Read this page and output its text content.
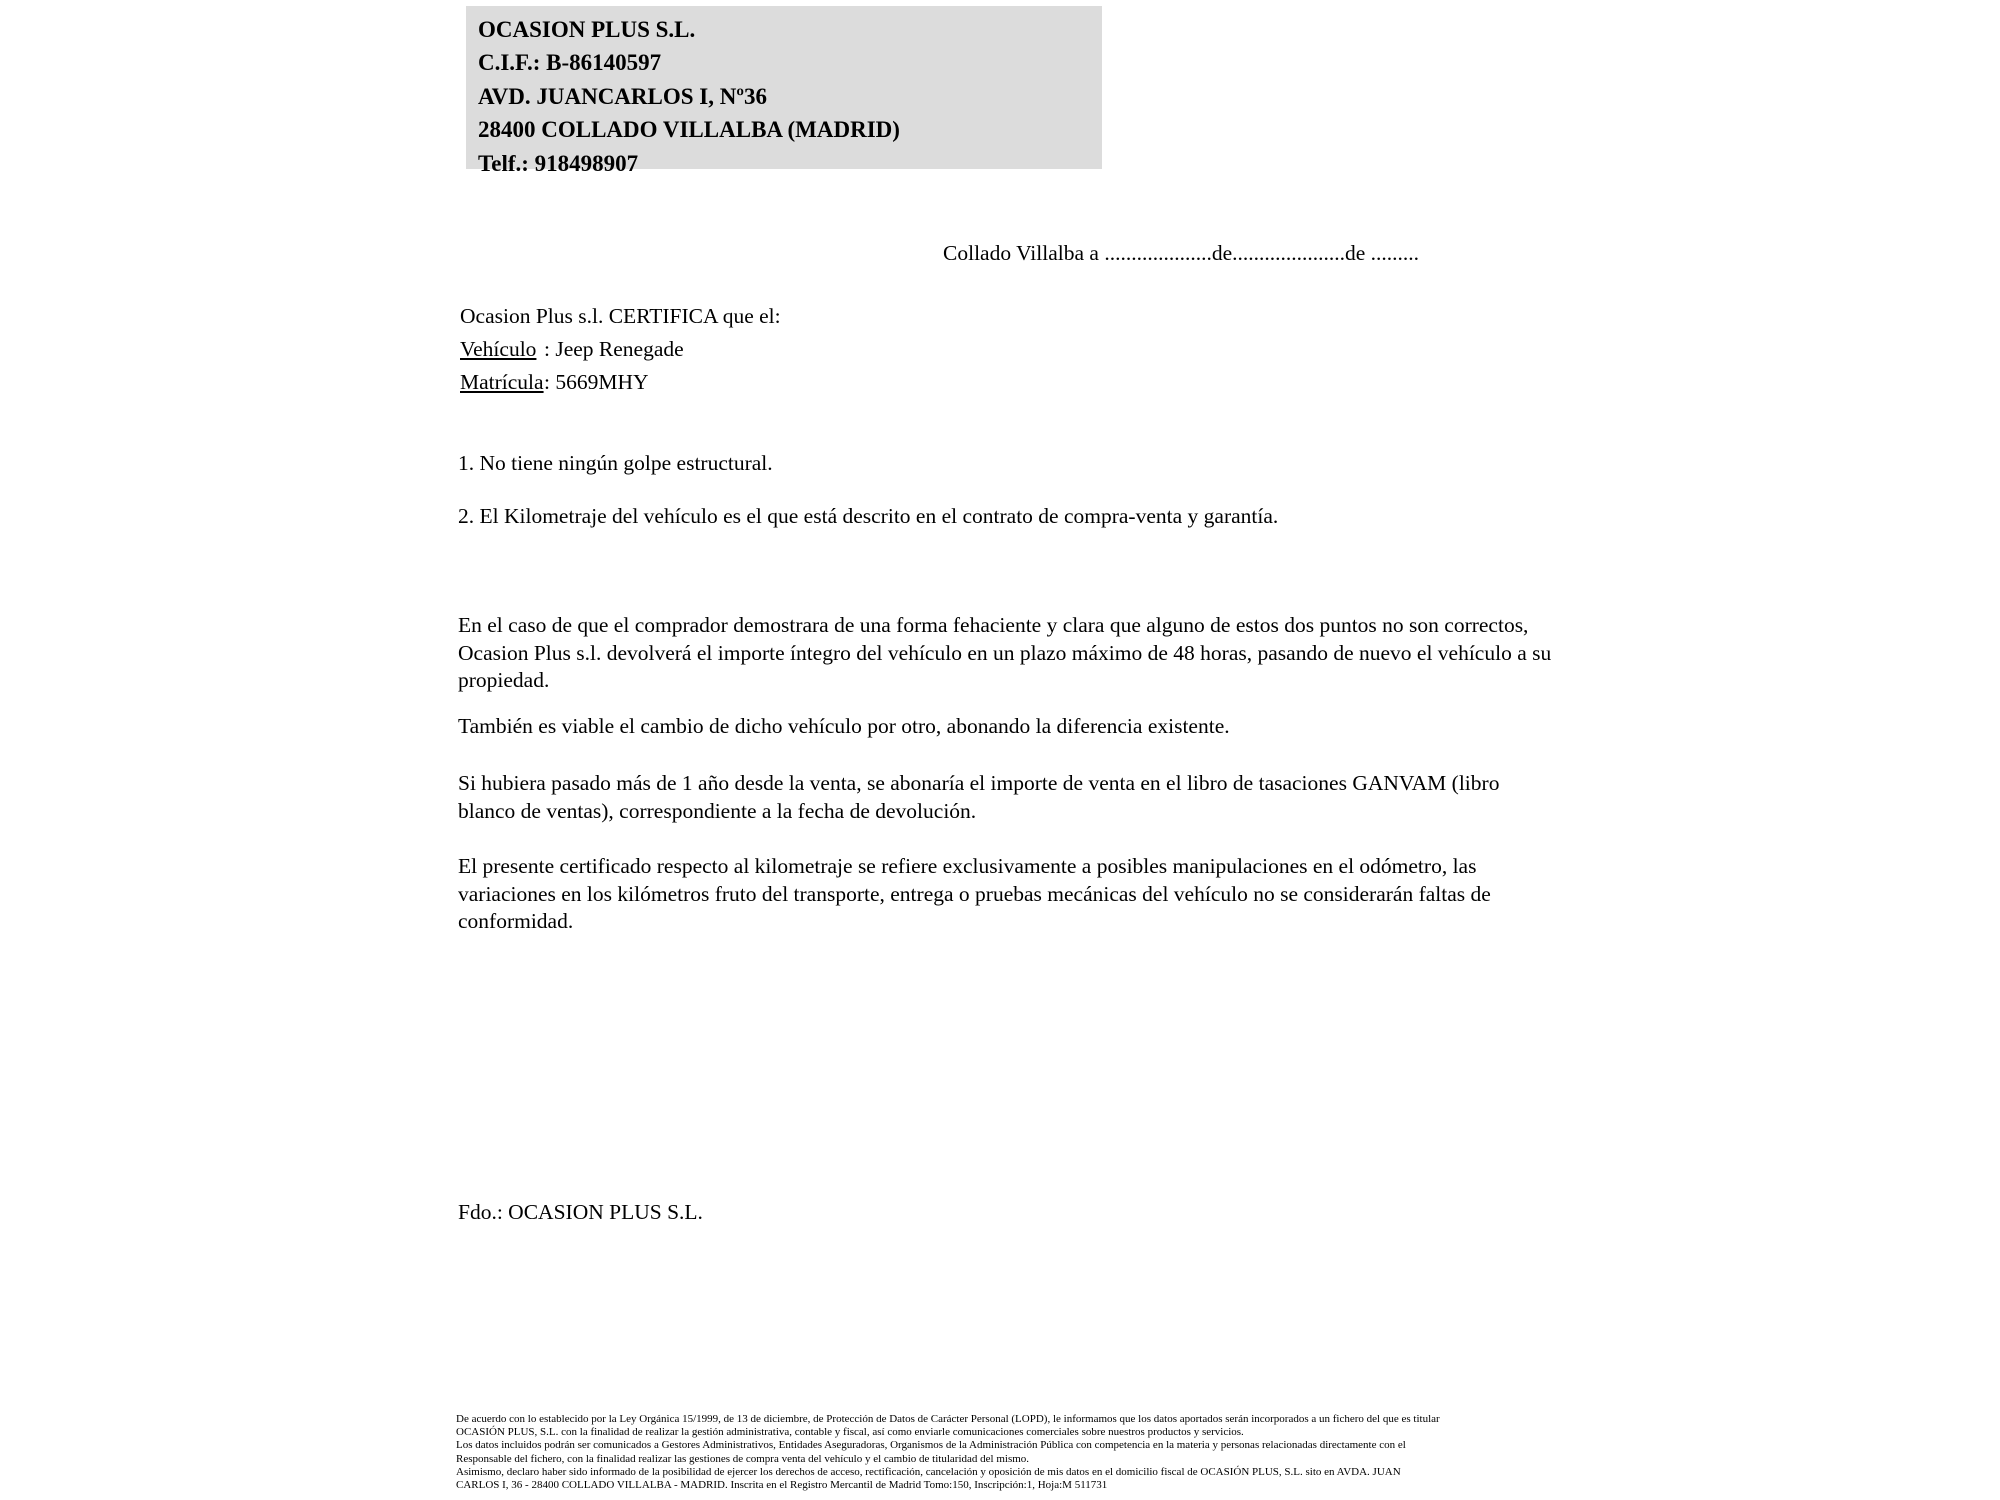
OCASION PLUS S.L.
C.I.F.: B-86140597
AVD. JUANCARLOS I, Nº36
28400 COLLADO VILLALBA (MADRID)
Telf.: 918498907
Collado Villalba a ....................de.....................de .........
Ocasion Plus s.l. CERTIFICA que el:
Vehículo : Jeep Renegade
Matrícula: 5669MHY
1. No tiene ningún golpe estructural.
2. El Kilometraje del vehículo es el que está descrito en el contrato de compra-venta y garantía.
En el caso de que el comprador demostrara de una forma fehaciente y clara que alguno de estos dos puntos no son correctos, Ocasion Plus s.l. devolverá el importe íntegro del vehículo en un plazo máximo de 48 horas, pasando de nuevo el vehículo a su propiedad.
También es viable el cambio de dicho vehículo por otro, abonando la diferencia existente.
Si hubiera pasado más de 1 año desde la venta, se abonaría el importe de venta en el libro de tasaciones GANVAM (libro blanco de ventas), correspondiente a la fecha de devolución.
El presente certificado respecto al kilometraje se refiere exclusivamente a posibles manipulaciones en el odómetro, las variaciones en los kilómetros fruto del transporte, entrega o pruebas mecánicas del vehículo no se considerarán faltas de conformidad.
Fdo.: OCASION PLUS S.L.
De acuerdo con lo establecido por la Ley Orgánica 15/1999, de 13 de diciembre, de Protección de Datos de Carácter Personal (LOPD), le informamos que los datos aportados serán incorporados a un fichero del que es titular
OCASIÓN PLUS, S.L. con la finalidad de realizar la gestión administrativa, contable y fiscal, así como enviarle comunicaciones comerciales sobre nuestros productos y servicios.
Los datos incluidos podrán ser comunicados a Gestores Administrativos, Entidades Aseguradoras, Organismos de la Administración Pública con competencia en la materia y personas relacionadas directamente con el
Responsable del fichero, con la finalidad realizar las gestiones de compra venta del vehículo y el cambio de titularidad del mismo.
Asimismo, declaro haber sido informado de la posibilidad de ejercer los derechos de acceso, rectificación, cancelación y oposición de mis datos en el domicilio fiscal de OCASIÓN PLUS, S.L. sito en AVDA. JUAN
CARLOS I, 36 - 28400 COLLADO VILLALBA - MADRID. Inscrita en el Registro Mercantil de Madrid Tomo:150, Inscripción:1, Hoja:M 511731
